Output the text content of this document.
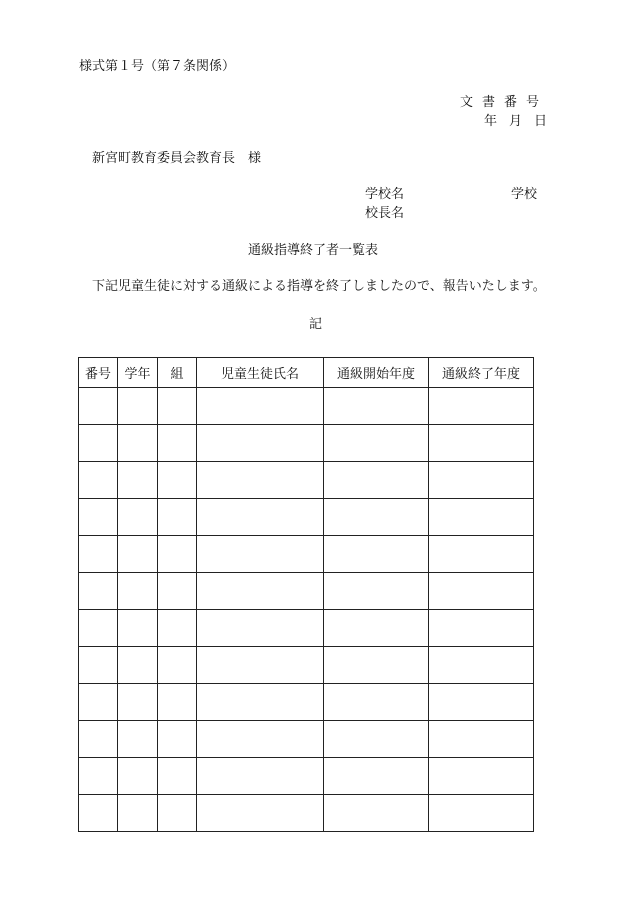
様式第１号（第７条関係）
文書番号
年 月 日
新宮町教育委員会教育長　様
学校名	学校
校長名
通級指導終了者一覧表
下記児童生徒に対する通級による指導を終了しましたので、報告いたします。
記
番号	学年	組	児童生徒氏名	通級開始年度	通級終了年度
